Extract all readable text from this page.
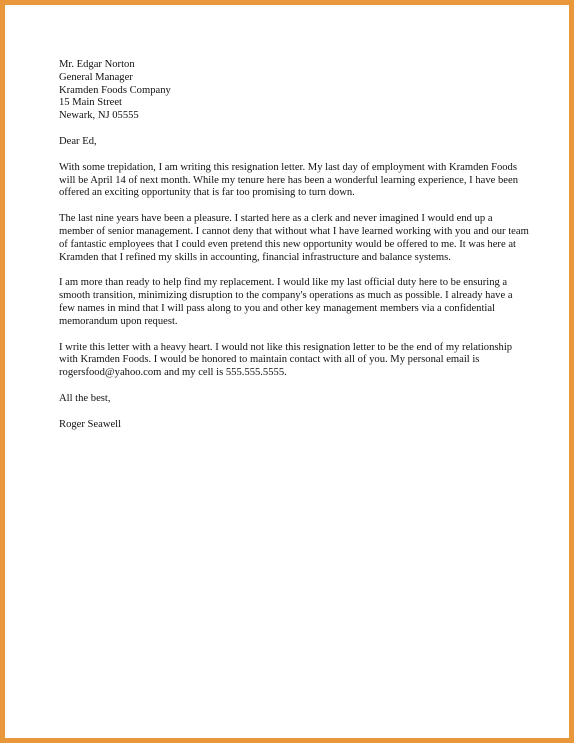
Mr. Edgar Norton
General Manager
Kramden Foods Company
15 Main Street
Newark, NJ 05555
Dear Ed,

With some trepidation, I am writing this resignation letter. My last day of employment with Kramden Foods will be April 14 of next month. While my tenure here has been a wonderful learning experience, I have been offered an exciting opportunity that is far too promising to turn down.

The last nine years have been a pleasure. I started here as a clerk and never imagined I would end up a member of senior management. I cannot deny that without what I have learned working with you and our team of fantastic employees that I could even pretend this new opportunity would be offered to me. It was here at Kramden that I refined my skills in accounting, financial infrastructure and balance systems.

I am more than ready to help find my replacement. I would like my last official duty here to be ensuring a smooth transition, minimizing disruption to the company's operations as much as possible. I already have a few names in mind that I will pass along to you and other key management members via a confidential memorandum upon request.

I write this letter with a heavy heart. I would not like this resignation letter to be the end of my relationship with Kramden Foods. I would be honored to maintain contact with all of you. My personal email is rogersfood@yahoo.com and my cell is 555.555.5555.

All the best,
Roger Seawell
